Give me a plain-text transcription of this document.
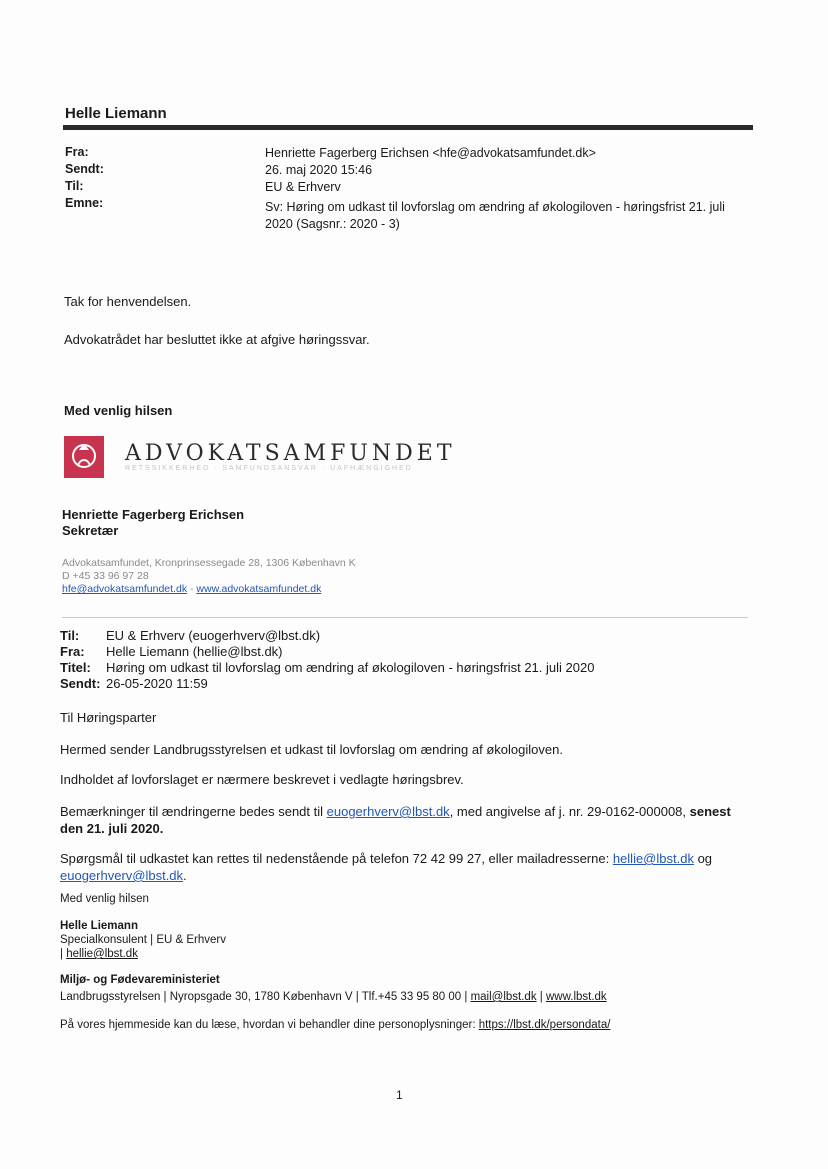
Helle Liemann
Fra:	Henriette Fagerberg Erichsen <hfe@advokatsamfundet.dk>
Sendt:	26. maj 2020 15:46
Til:	EU & Erhverv
Emne:	Sv: Høring om udkast til lovforslag om ændring af økologiloven - høringsfrist 21. juli 2020 (Sagsnr.: 2020 - 3)
Tak for henvendelsen.
Advokatrådet har besluttet ikke at afgive høringssvar.
Med venlig hilsen
ADVOKATSAMFUNDET
RETSSIKKERHED · SAMFUNDSANSVAR · UAFHÆNGIGHED
Henriette Fagerberg Erichsen
Sekretær
Advokatsamfundet, Kronprinsessegade 28, 1306 København K
D +45 33 96 97 28
hfe@advokatsamfundet.dk - www.advokatsamfundet.dk
Til: EU & Erhverv (euogerhverv@lbst.dk)
Fra: Helle Liemann (hellie@lbst.dk)
Titel: Høring om udkast til lovforslag om ændring af økologiloven - høringsfrist 21. juli 2020
Sendt: 26-05-2020 11:59
Til Høringsparter
Hermed sender Landbrugsstyrelsen et udkast til lovforslag om ændring af økologiloven.
Indholdet af lovforslaget er nærmere beskrevet i vedlagte høringsbrev.
Bemærkninger til ændringerne bedes sendt til euogerhverv@lbst.dk, med angivelse af j. nr. 29-0162-000008, senest den 21. juli 2020.
Spørgsmål til udkastet kan rettes til nedenstående på telefon 72 42 99 27, eller mailadresserne: hellie@lbst.dk og euogerhverv@lbst.dk.
Med venlig hilsen
Helle Liemann
Specialkonsulent | EU & Erhverv
| hellie@lbst.dk
Miljø- og Fødevareministeriet
Landbrugsstyrelsen | Nyropsgade 30, 1780 København V | Tlf.+45 33 95 80 00 | mail@lbst.dk | www.lbst.dk
På vores hjemmeside kan du læse, hvordan vi behandler dine personoplysninger: https://lbst.dk/persondata/
1
